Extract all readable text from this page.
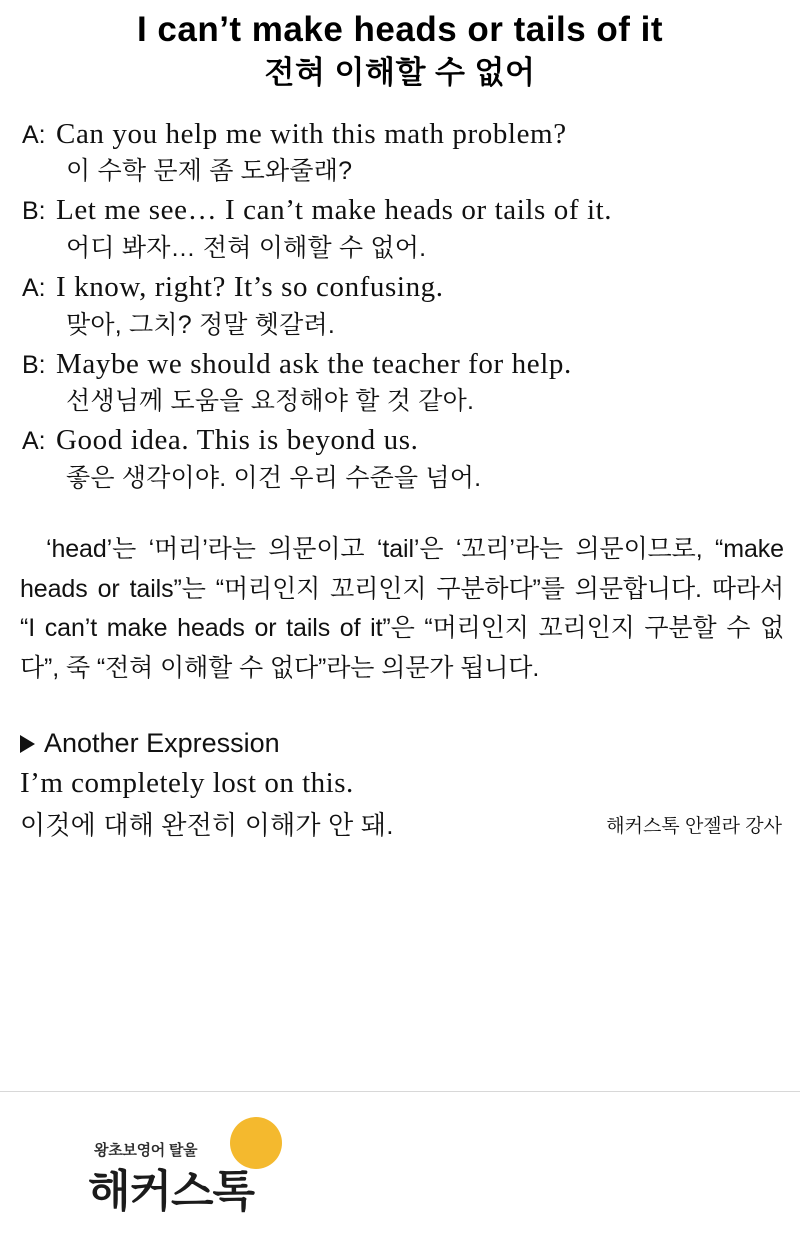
I can’t make heads or tails of it
전혀 이해할 수 없어
A: Can you help me with this math problem?
이 수학 문제 좀 도와줄래?
B: Let me see… I can’t make heads or tails of it.
어디 봐자… 전혀 이해할 수 없어.
A: I know, right? It’s so confusing.
맞아, 그치? 정말 헷갈려.
B: Maybe we should ask the teacher for help.
선생님께 도움을 요정해야 할 것 같아.
A: Good idea. This is beyond us.
좋은 생각이야. 이건 우리 수준을 넘어.
‘head’는 ‘머리’라는 의문이고 ‘tail’은 ‘꼬리’라는 의문이므로, “make heads or tails”는 “머리인지 꼬리인지 구분하다”를 의문합니다. 따라서 “I can’t make heads or tails of it”은 “머리인지 꼬리인지 구분할 수 없다”, 죽 “전혀 이해할 수 없다”라는 의문가 됩니다.
Another Expression
I’m completely lost on this.
이것에 대해 완전히 이해가 안 돼.	해커스톡 안젤라 강사
왕초보영어 탈울
해커스톡
